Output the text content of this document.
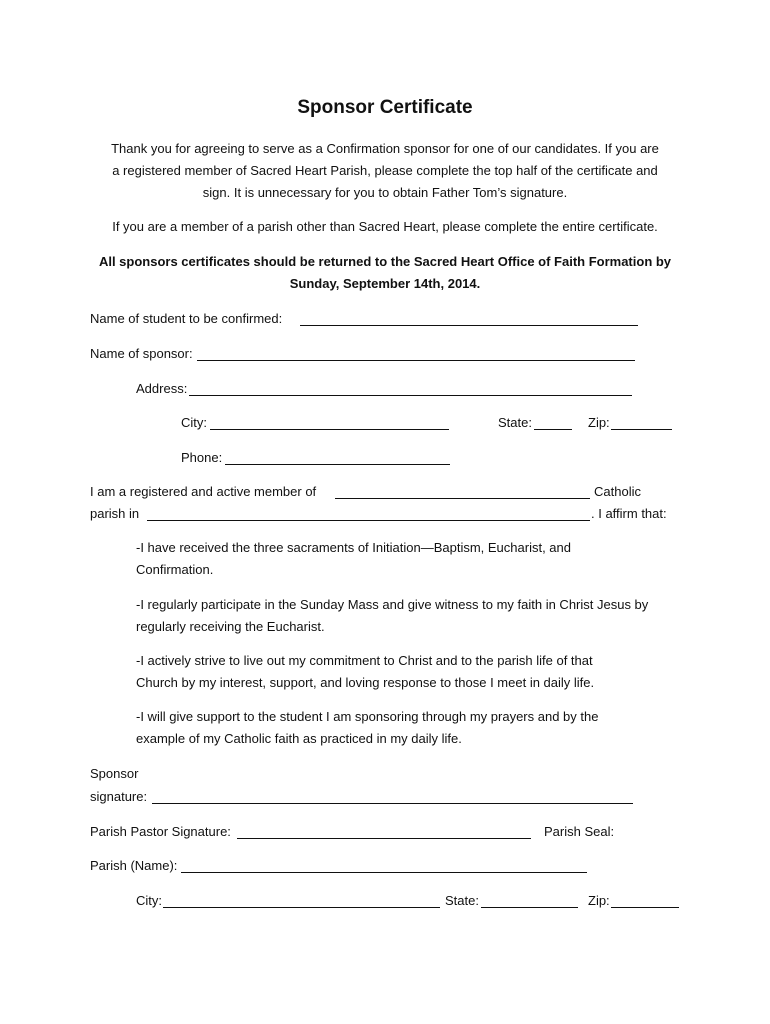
Sponsor Certificate

Thank you for agreeing to serve as a Confirmation sponsor for one of our candidates. If you are

a registered member of Sacred Heart Parish, please complete the top half of the certificate and

sign. It is unnecessary for you to obtain Father Tom’s signature.

If you are a member of a parish other than Sacred Heart, please complete the entire certificate.

All sponsors certificates should be returned to the Sacred Heart Office of Faith Formation by

Sunday, September 14th, 2014.

Name of student to be confirmed:
Name of sponsor:
Address:
City:	State:	Zip:
Phone:
I am a registered and active member of	Catholic
parish in	. I affirm that:
-I have received the three sacraments of Initiation—Baptism, Eucharist, and
Confirmation.
-I regularly participate in the Sunday Mass and give witness to my faith in Christ Jesus by
regularly receiving the Eucharist.
-I actively strive to live out my commitment to Christ and to the parish life of that
Church by my interest, support, and loving response to those I meet in daily life.
-I will give support to the student I am sponsoring through my prayers and by the
example of my Catholic faith as practiced in my daily life.
Sponsor
signature:
Parish Pastor Signature:	Parish Seal:
Parish (Name):
City:	State:	Zip:
